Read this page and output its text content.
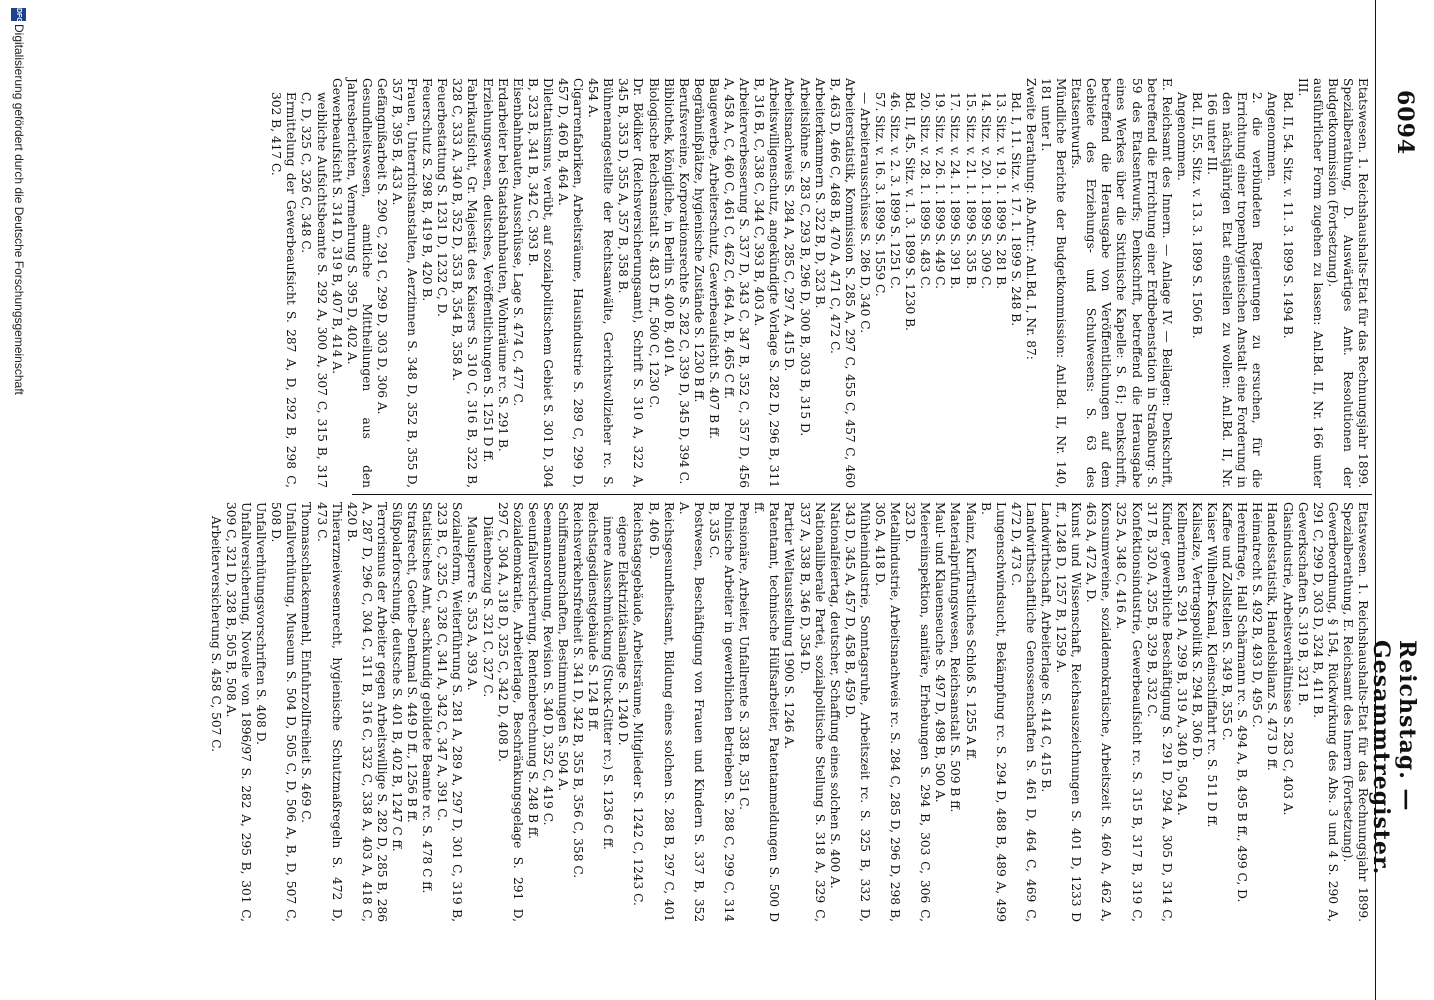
6094
Reichstag. — Gesammtregister.

Etatswesen. 1. Reichshaushalts-Etat für das Rechnungsjahr 1899. Spezialberathung, D. Auswärtiges Amt. Resolutionen der Budgetkommission (Fortsetzung).

ausführlicher Form zugehen zu lassen: Anl.Bd. II, Nr. 166 unter III.

Bd. II, 54. Sitz. v. 11. 3. 1899 S. 1494 B.

Angenommen.

2. die verbündeten Regierungen zu ersuchen, für die Errichtung einer tropenhygienischen Anstalt eine Forderung in den nächstjährigen Etat einstellen zu wollen: Anl.Bd. II, Nr. 166 unter III.

Bd. II, 55. Sitz. v. 13. 3. 1899 S. 1506 B.

Angenommen.

E. Reichsamt des Innern. — Anlage IV. — Beilagen: Denkschrift, betreffend die Errichtung einer Erdbebenstation in Straßburg: S. 59 des Etatsentwurfs; Denkschrift, betreffend die Herausgabe eines Werkes über die Sixtinische Kapelle: S. 61; Denkschrift, betreffend die Herausgabe von Veröffentlichungen auf dem Gebiete des Erziehungs- und Schulwesens: S. 63 des Etatsentwurfs.

Mündliche Berichte der Budgetkommission: Anl.Bd. II, Nr. 140, 181 unter I.

Zweite Berathung: Ab.Antr.: Anl.Bd. I, Nr. 87:

Bd. I, 11. Sitz. v. 17. 1. 1899 S. 248 B.

13. Sitz. v. 19. 1. 1899 S. 281 B.

14. Sitz. v. 20. 1. 1899 S. 309 C.

15. Sitz. v. 21. 1. 1899 S. 335 B.

17. Sitz. v. 24. 1. 1899 S. 391 B.

19. Sitz. v. 26. 1. 1899 S. 449 C.

20. Sitz. v. 28. 1. 1899 S. 483 C.

Bd. II, 45. Sitz. v. 1. 3. 1899 S. 1230 B.

46. Sitz. v. 2. 3. 1899 S. 1251 C.

57. Sitz. v. 16. 3. 1899 S. 1559 C.

— Arbeiterausschüsse S. 286 D, 340 C.

Arbeiterstatistik, Kommission S. 285 A, 297 C, 455 C, 457 C, 460 B, 463 D, 466 C, 468 B, 470 A, 471 C, 472 C.

Arbeiterkammern S. 322 B, D, 323 B.

Arbeitslöhne S. 283 C, 293 B, 296 D, 300 B, 303 B, 315 D.

Arbeitsnachweis S. 284 A, 285 C, 297 A, 415 D.

Arbeitswilligenschutz, angekündigte Vorlage S. 282 D, 296 B, 311 B, 316 B, C, 338 C, 344 C, 393 B, 403 A.

Arbeiterverbesserung S. 337 D, 343 C, 347 B, 352 C, 357 D, 456 A, 458 A, C, 460 C, 461 C, 462 C, 464 A, B, 465 C ff.

Baugewerbe, Arbeiterschutz, Gewerbeaufsicht S. 407 B ff.

Begräbnißplätze, hygienische Zustände S. 1230 B ff.

Berufsvereine, Korporationsrechte S. 282 C, 339 D, 345 D, 394 C.

Bibliothek, königliche, in Berlin S. 400 B, 401 A.

Biologische Reichsanstalt S. 483 D ff., 500 C, 1230 C.

Dr. Bödiker (Reichsversicherungsamt), Schrift S. 310 A, 322 A, 345 B, 353 D, 355 A, 357 B, 358 B.

Bühnenangestellte der Rechtsanwälte, Gerichtsvollzieher rc. S. 454 A.

Cigarrenfabriken, Arbeitsräume, Hausindustrie S. 289 C, 299 D, 457 D, 460 B, 464 A.

Dilettantismus, verübt, auf sozialpolitischem Gebiet S. 301 D, 304 B, 323 B, 341 B, 342 C, 393 B.

Eisenbahnbauten, Ausschüsse, Lage S. 474 C, 477 C.

Erdarbeiter bei Staatsbahnbauten, Wohnräume rc. S. 291 B.

Erziehungswesen, deutsches, Veröffentlichungen S. 1251 D ff.

Fabrikaufsicht, Gr. Majestät des Kaisers S. 310 C, 316 B, 322 B, 328 C, 333 A, 340 B, 352 D, 353 B, 354 B, 358 A.

Feuerbestattung S. 1231 D, 1232 C, D.

Feuerschutz S. 298 B, 419 B, 420 B.

Frauen, Unterrichtsanstalten, Aerztinnen S. 348 D, 352 B, 355 D, 357 B, 395 B, 433 A.

Gefängnißarbeit S. 290 C, 291 C, 299 D, 303 D, 306 A.

Gesundheitswesen, amtliche Mittheilungen aus den Jahresberichten, Vermehrung S. 395 D, 402 A.

Gewerbeaufsicht S. 314 D, 319 B, 407 B, 414 A.

weibliche Aufsichtsbeamte S. 292 A, 300 A, 307 C, 315 B, 317 C, D, 325 C, 326 C, 348 C.

Ermittelung der Gewerbeaufsicht S. 287 A, D, 292 B, 298 C, 302 B, 417 C.

Etatswesen. 1. Reichshaushalts-Etat für das Rechnungsjahr 1899. Spezialberathung, E. Reichsamt des Innern (Fortsetzung).

Gewerbeordnung, § 154, Rückwirkung des Abs. 3 und 4 S. 290 A, 291 C, 299 D, 303 D, 324 B, 411 B.

Gewerkschaften S. 319 B, 321 B.

Glasindustrie, Arbeitsverhältnisse S. 283 C, 403 A.

Handelsstatistik, Handelsbilanz S. 473 D ff.

Heimatrecht S. 492 B, 493 D, 495 C.

Hereinfrage, Hall Schärmann rc. S. 494 A, B, 495 B ff., 499 C, D.

Kaffee und Zollstellen S. 349 B, 355 C.

Kaiser Wilhelm-Kanal, Kleinschiffahrt rc. S. 511 D ff.

Kalisalze, Vertragspolitik S. 294 B, 306 D.

Kellnerinnen S. 291 A, 299 B, 319 A, 340 B, 504 A.

Kinder, gewerbliche Beschäftigung S. 291 D, 294 A, 305 D, 314 C, 317 B, 320 A, 325 B, 329 B, 332 C.

Konfektionsindustrie, Gewerbeaufsicht rc. S. 315 B, 317 B, 319 C, 325 A, 348 C, 416 A.

Konsumvereine, sozialdemokratische, Arbeitszeit S. 460 A, 462 A, 463 A, 472 A, D.

Kunst und Wissenschaft, Reichsauszeichnungen S. 401 D, 1233 D ff., 1248 D, 1257 B, 1259 A.

Landwirthschaft, Arbeiterlage S. 414 C, 415 B.

Landwirthschaftliche Genossenschaften S. 461 D, 464 C, 469 C, 472 D, 473 C.

Lungenschwindsucht, Bekämpfung rc. S. 294 D, 488 B, 489 A, 499 B.

Mainz, Kurfürstliches Schloß S. 1255 A ff.

Materialprüfungswesen, Reichsanstalt S. 509 B ff.

Maul- und Klauenseuche S. 497 D, 498 B, 500 A.

Meiereiinspektion, sanitäre, Erhebungen S. 294 B, 303 C, 306 C, 323 D.

Metallindustrie, Arbeitsnachweis rc. S. 284 C, 285 D, 296 D, 298 B, 305 A, 418 D.

Mühlenindustrie, Sonntagsruhe, Arbeitszeit rc. S. 325 B, 332 D, 343 D, 345 A, 457 D, 458 B, 459 D.

Nationalfeiertag, deutscher, Schaffung eines solchen S. 400 A.

Nationalliberale Partei, sozialpolitische Stellung S. 318 A, 329 C, 337 A, 338 B, 346 D, 354 D.

Partier Weltausstellung 1900 S. 1246 A.

Patentamt, technische Hülfsarbeiter, Patentanmeldungen S. 500 D ff.

Pensionäre, Arbeiter, Unfallrente S. 338 B, 351 C.

Polnische Arbeiter in gewerblichen Betrieben S. 288 C, 299 C, 314 B, 335 C.

Postwesen, Beschäftigung von Frauen und Kindern S. 337 B, 352 A.

Reichsgesundheitsamt, Bildung eines solchen S. 288 B, 297 C, 401 B, 406 D.

Reichstagsgebäude, Arbeitsräume, Mitglieder S. 1242 C, 1243 C.

eigene Elektrizitätsanlage S. 1240 D.

innere Ausschmückung (Stuck-Gitter rc.) S. 1236 C ff.

Reichstagsdienstgebäude S. 124 B ff.

Reichsverkehrsfreiheit S. 341 D, 342 B, 355 B, 356 C, 358 C.

Schiffsmannschaften, Bestimmungen S. 504 A.

Seemannsordnung, Revision S. 340 D, 352 C, 419 C.

Seeunfallversicherung, Rentenberechnung S. 248 B ff.

Sozialdemokratie, Arbeiterlage, Beschränkungsgelage S. 291 D, 297 C, 304 A, 318 D, 325 C, 342 D, 408 D.

Diätenbezug S. 321 C, 327 C.

Maulsperre S. 353 A, 393 A.

Sozialreform, Weiterführung S. 281 A, 289 A, 297 D, 301 C, 319 B, 323 B, C, 325 C, 328 C, 341 A, 342 C, 347 A, 391 C.

Statistisches Amt, sachkundig gebildete Beamte rc. S. 478 C ff.

Strafsrecht, Goethe-Denkmal S. 449 D ff., 1256 B ff.

Süßpolarforschung, deutsche S. 401 B, 402 B, 1247 C ff.

Terrorismus der Arbeiter gegen Arbeitswillige S. 282 D, 285 B, 286 A, 287 D, 296 C, 304 C, 311 B, 316 C, 332 C, 338 A, 403 A, 418 C, 420 B.

Thierarzneiwesenrecht, hygienische Schutzmaßregeln S. 472 D, 473 C.

Thomasschlackenmehl, Einfuhrzollfreiheit S. 469 C.

Unfallverhütung, Museum S. 504 D, 505 C, D, 506 A, B, D, 507 C, 508 D.

Unfallverhütungsvorschriften S. 408 D.

Unfallversicherung, Novelle von 1896/97 S. 282 A, 295 B, 301 C, 309 C, 321 D, 328 B, 505 B, 508 A.

Arbeiterversicherung S. 458 C, 507 C.

DFG
Digitalisierung gefördert durch die Deutsche Forschungsgemeinschaft
